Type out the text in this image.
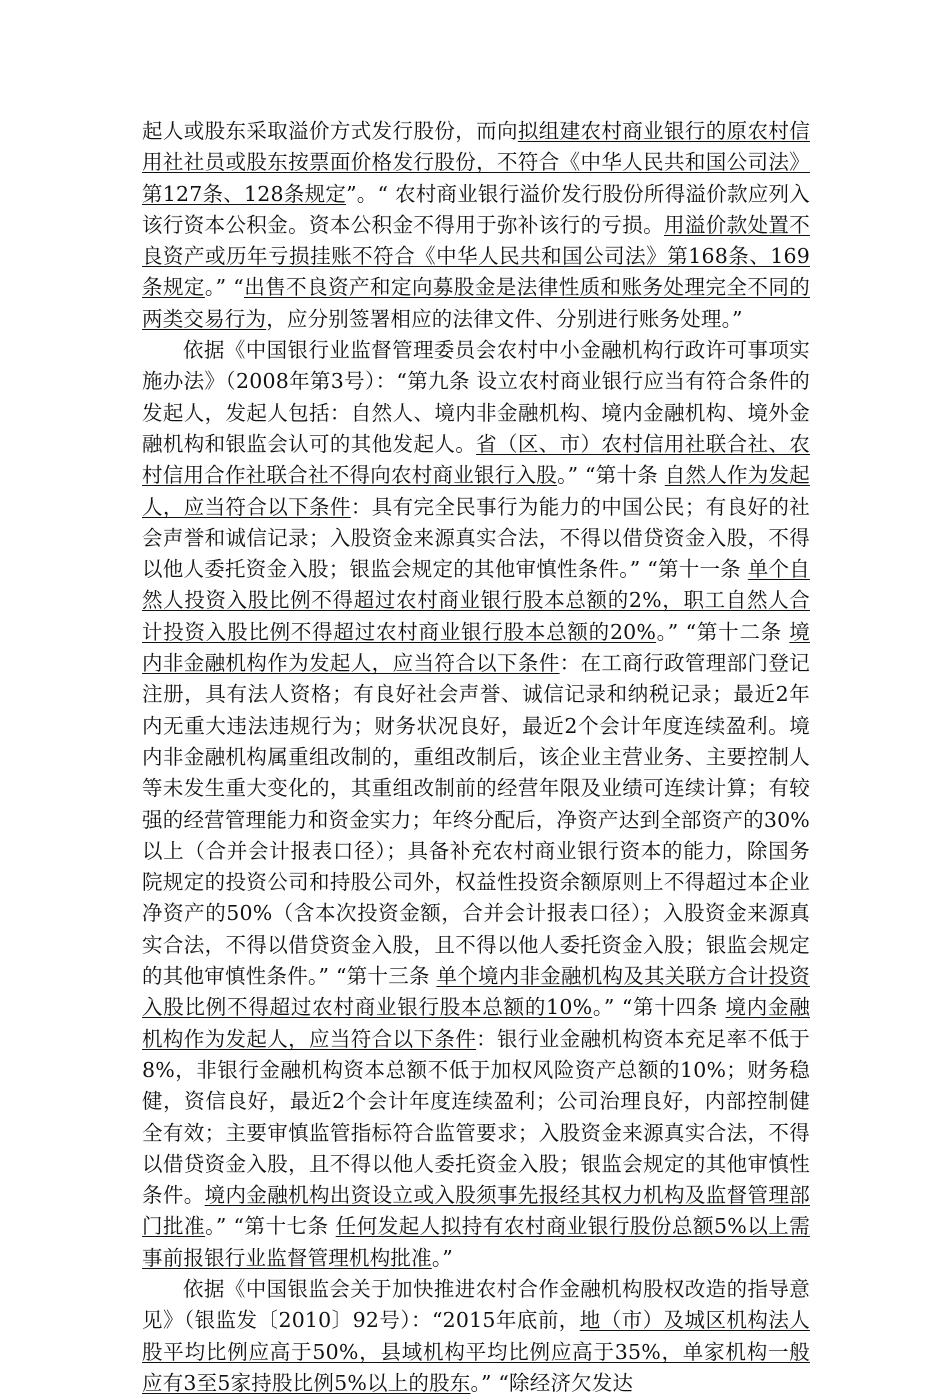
起人或股东采取溢价方式发行股份，而向拟组建农村商业银行的原农村信用社社员或股东按票面价格发行股份，不符合《中华人民共和国公司法》第127条、128条规定”。“ 农村商业银行溢价发行股份所得溢价款应列入该行资本公积金。资本公积金不得用于弥补该行的亏损。用溢价款处置不良资产或历年亏损挂账不符合《中华人民共和国公司法》第168条、169条规定。” “出售不良资产和定向募股金是法律性质和账务处理完全不同的两类交易行为，应分别签署相应的法律文件、分别进行账务处理。”

依据《中国银行业监督管理委员会农村中小金融机构行政许可事项实施办法》（2008年第3号）：“第九条 设立农村商业银行应当有符合条件的发起人，发起人包括：自然人、境内非金融机构、境内金融机构、境外金融机构和银监会认可的其他发起人。省（区、市）农村信用社联合社、农村信用合作社联合社不得向农村商业银行入股。” “第十条 自然人作为发起人，应当符合以下条件：具有完全民事行为能力的中国公民；有良好的社会声誉和诚信记录；入股资金来源真实合法，不得以借贷资金入股，不得以他人委托资金入股；银监会规定的其他审慎性条件。” “第十一条 单个自然人投资入股比例不得超过农村商业银行股本总额的2%，职工自然人合计投资入股比例不得超过农村商业银行股本总额的20%。” “第十二条 境内非金融机构作为发起人，应当符合以下条件：在工商行政管理部门登记注册，具有法人资格；有良好社会声誉、诚信记录和纳税记录；最近2年内无重大违法违规行为；财务状况良好，最近2个会计年度连续盈利。境内非金融机构属重组改制的，重组改制后，该企业主营业务、主要控制人等未发生重大变化的，其重组改制前的经营年限及业绩可连续计算；有较强的经营管理能力和资金实力；年终分配后，净资产达到全部资产的30%以上（合并会计报表口径）；具备补充农村商业银行资本的能力，除国务院规定的投资公司和持股公司外，权益性投资余额原则上不得超过本企业净资产的50%（含本次投资金额，合并会计报表口径）；入股资金来源真实合法，不得以借贷资金入股，且不得以他人委托资金入股；银监会规定的其他审慎性条件。” “第十三条 单个境内非金融机构及其关联方合计投资入股比例不得超过农村商业银行股本总额的10%。” “第十四条 境内金融机构作为发起人，应当符合以下条件：银行业金融机构资本充足率不低于8%，非银行金融机构资本总额不低于加权风险资产总额的10%；财务稳健，资信良好，最近2个会计年度连续盈利；公司治理良好，内部控制健全有效；主要审慎监管指标符合监管要求；入股资金来源真实合法，不得以借贷资金入股，且不得以他人委托资金入股；银监会规定的其他审慎性条件。境内金融机构出资设立或入股须事先报经其权力机构及监督管理部门批准。” “第十七条 任何发起人拟持有农村商业银行股份总额5%以上需事前报银行业监督管理机构批准。”

依据《中国银监会关于加快推进农村合作金融机构股权改造的指导意见》（银监发〔2010〕92号）：“2015年底前，地（市）及城区机构法人股平均比例应高于50%，县域机构平均比例应高于35%，单家机构一般应有3至5家持股比例5%以上的股东。” “除经济欠发达
